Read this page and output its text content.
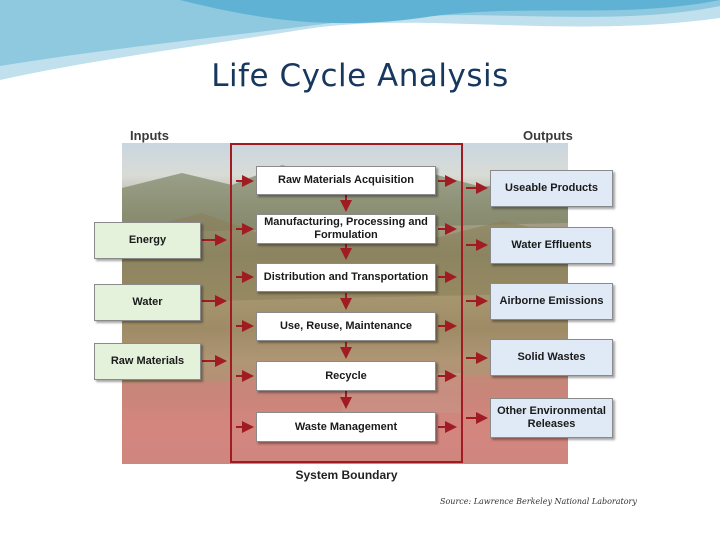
Life Cycle Analysis
Inputs	Outputs
System Boundary
Raw Materials Acquisition
Manufacturing, Processing and Formulation
Distribution and Transportation
Use, Reuse, Maintenance
Recycle
Waste Management
Energy
Water
Raw Materials
Useable Products
Water Effluents
Airborne Emissions
Solid Wastes
Other Environmental Releases
Source: Lawrence Berkeley National Laboratory
